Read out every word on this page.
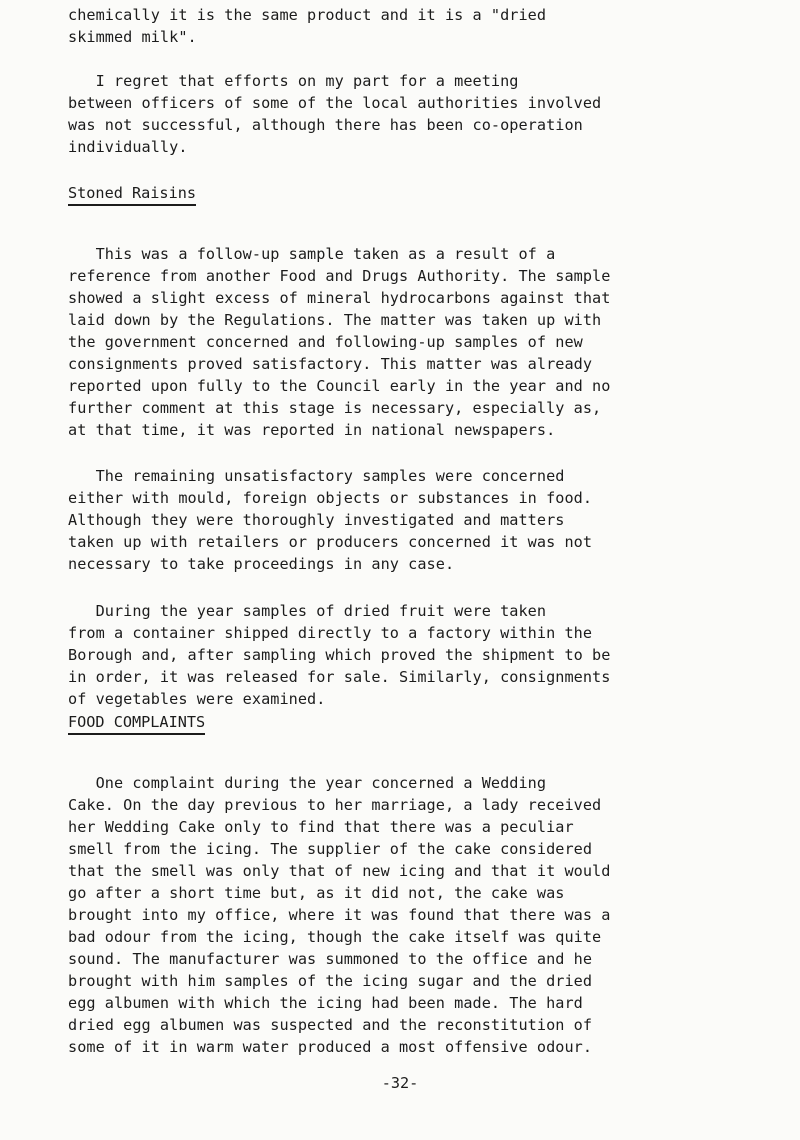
chemically it is the same product and it is a "dried
skimmed milk".

I regret that efforts on my part for a meeting
between officers of some of the local authorities involved
was not successful, although there has been co-operation
individually.

Stoned Raisins

This was a follow-up sample taken as a result of a
reference from another Food and Drugs Authority. The sample
showed a slight excess of mineral hydrocarbons against that
laid down by the Regulations. The matter was taken up with
the government concerned and following-up samples of new
consignments proved satisfactory. This matter was already
reported upon fully to the Council early in the year and no
further comment at this stage is necessary, especially as,
at that time, it was reported in national newspapers.

The remaining unsatisfactory samples were concerned
either with mould, foreign objects or substances in food.
Although they were thoroughly investigated and matters
taken up with retailers or producers concerned it was not
necessary to take proceedings in any case.

During the year samples of dried fruit were taken
from a container shipped directly to a factory within the
Borough and, after sampling which proved the shipment to be
in order, it was released for sale. Similarly, consignments
of vegetables were examined.

FOOD COMPLAINTS

One complaint during the year concerned a Wedding
Cake. On the day previous to her marriage, a lady received
her Wedding Cake only to find that there was a peculiar
smell from the icing. The supplier of the cake considered
that the smell was only that of new icing and that it would
go after a short time but, as it did not, the cake was
brought into my office, where it was found that there was a
bad odour from the icing, though the cake itself was quite
sound. The manufacturer was summoned to the office and he
brought with him samples of the icing sugar and the dried
egg albumen with which the icing had been made. The hard
dried egg albumen was suspected and the reconstitution of
some of it in warm water produced a most offensive odour.

-32-
